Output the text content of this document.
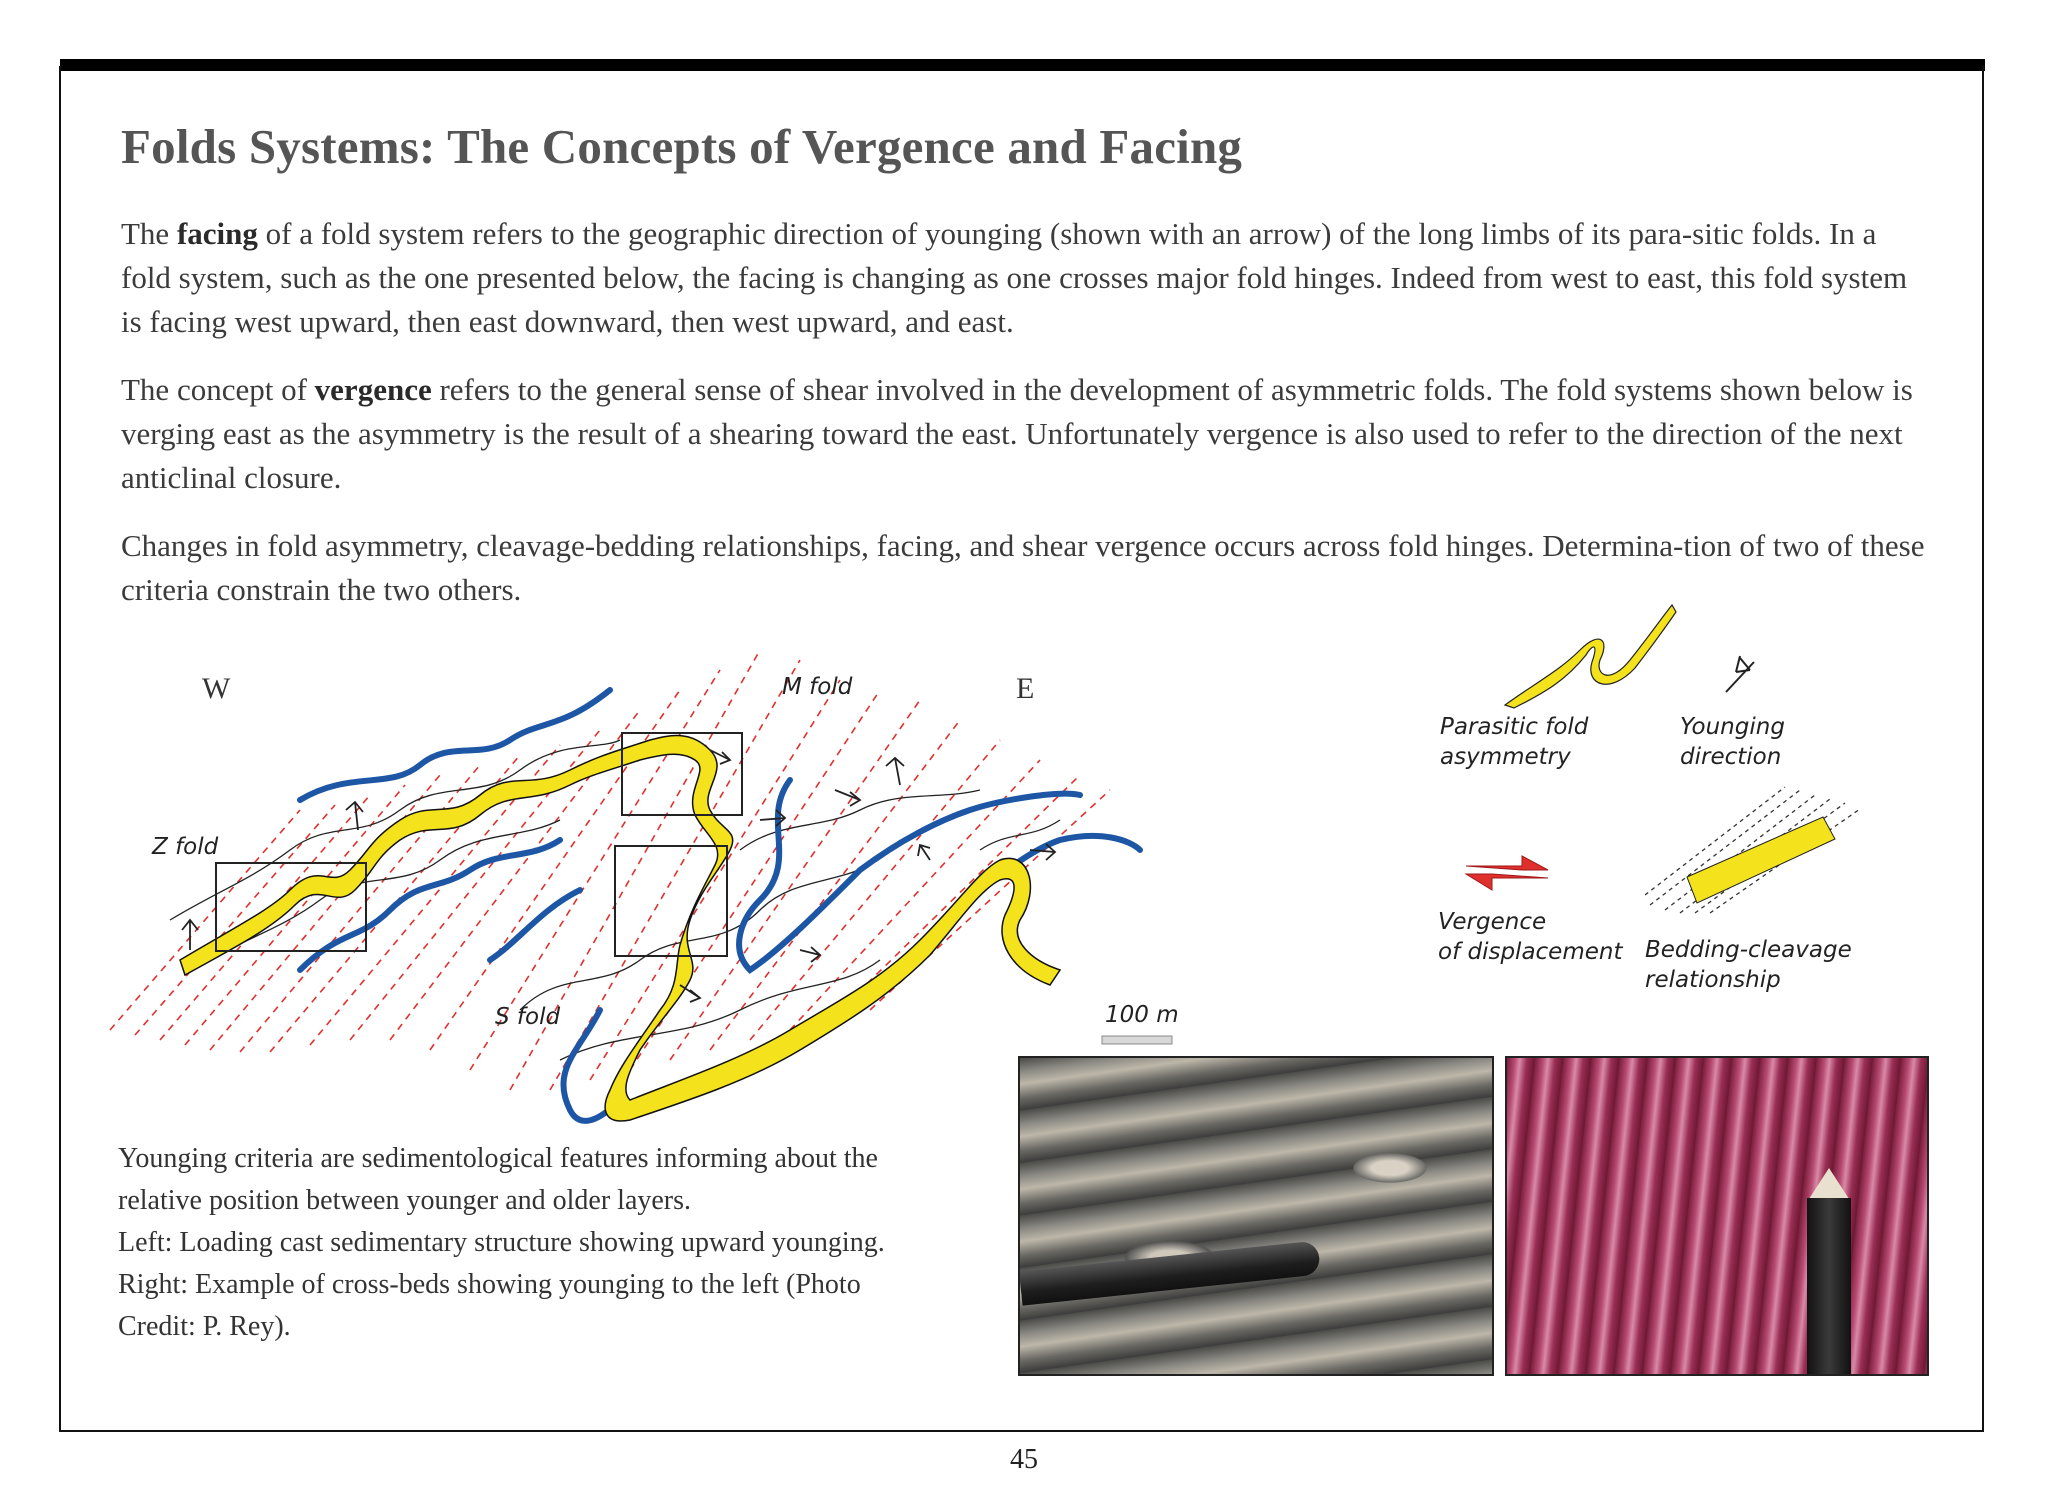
Folds Systems: The Concepts of Vergence and Facing

The facing of a fold system refers to the geographic direction of younging (shown with an arrow) of the long limbs of its para-sitic folds. In a fold system, such as the one presented below, the facing is changing as one crosses major fold hinges. Indeed from west to east, this fold system is facing west upward, then east downward, then west upward, and east.

The concept of vergence refers to the general sense of shear involved in the development of asymmetric folds. The fold systems shown below is verging east as the asymmetry is the result of a shearing toward the east. Unfortunately vergence is also used to refer to the direction of the next anticlinal closure.

Changes in fold asymmetry, cleavage-bedding relationships, facing, and shear vergence occurs across fold hinges. Determina-tion of two of these criteria constrain the two others.

W	E
Z fold
M fold
S fold	100 m
Parasitic fold
asymmetry
Younging
direction
Vergence
of displacement Bedding-cleavage
relationship
Younging criteria are sedimentological features informing about the
relative position between younger and older layers.
Left: Loading cast sedimentary structure showing upward younging.
Right: Example of cross-beds showing younging to the left (Photo
Credit: P. Rey).
45
